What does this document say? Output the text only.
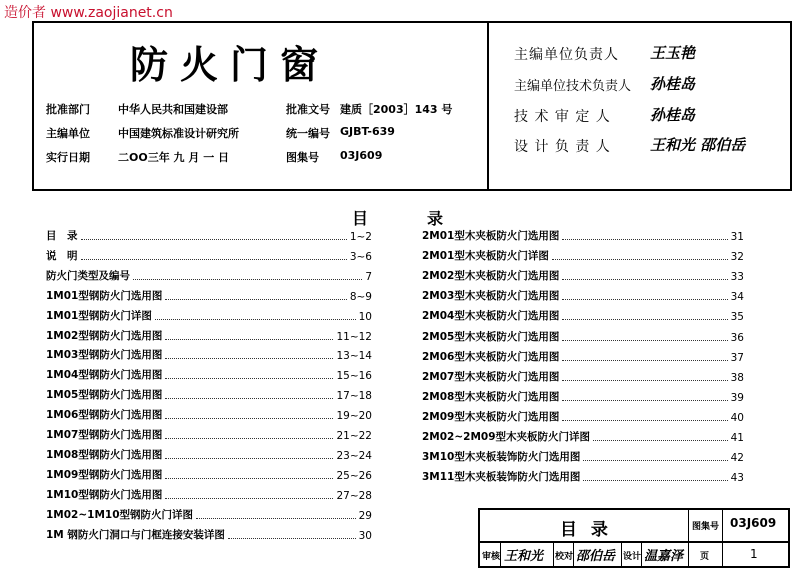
造价者 www.zaojianet.cn
防火门窗
批准部门	中华人民共和国建设部
主编单位	中国建筑标准设计研究所
实行日期	二OO三年 九 月 一 日
批准文号 建质［2003］143 号
统一编号 GJBT-639
图集号 03J609
主编单位负责人 王玉艳
主编单位技术负责人 孙桂岛
技 术 审 定 人	孙桂岛
设 计 负 责 人	王和光 邵伯岳
目	录
目　录	1~2
说　明	3~6
防火门类型及编号	7
1M01型钢防火门选用图	8~9
1M01型钢防火门详图	10
1M02型钢防火门选用图	11~12
1M03型钢防火门选用图	13~14
1M04型钢防火门选用图	15~16
1M05型钢防火门选用图	17~18
1M06型钢防火门选用图	19~20
1M07型钢防火门选用图	21~22
1M08型钢防火门选用图	23~24
1M09型钢防火门选用图	25~26
1M10型钢防火门选用图	27~28
1M02~1M10型钢防火门详图	29
1M 钢防火门洞口与门框连接安装详图	30
2M01型木夹板防火门选用图	31
2M01型木夹板防火门详图	32
2M02型木夹板防火门选用图	33
2M03型木夹板防火门选用图	34
2M04型木夹板防火门选用图	35
2M05型木夹板防火门选用图	36
2M06型木夹板防火门选用图	37
2M07型木夹板防火门选用图	38
2M08型木夹板防火门选用图	39
2M09型木夹板防火门选用图	40
2M02~2M09型木夹板防火门详图	41
3M10型木夹板装饰防火门选用图	42
3M11型木夹板装饰防火门选用图	43
目 录	图集号 03J609
审核 王和光 校对 邵伯岳 设计 温嘉泽 页	1
